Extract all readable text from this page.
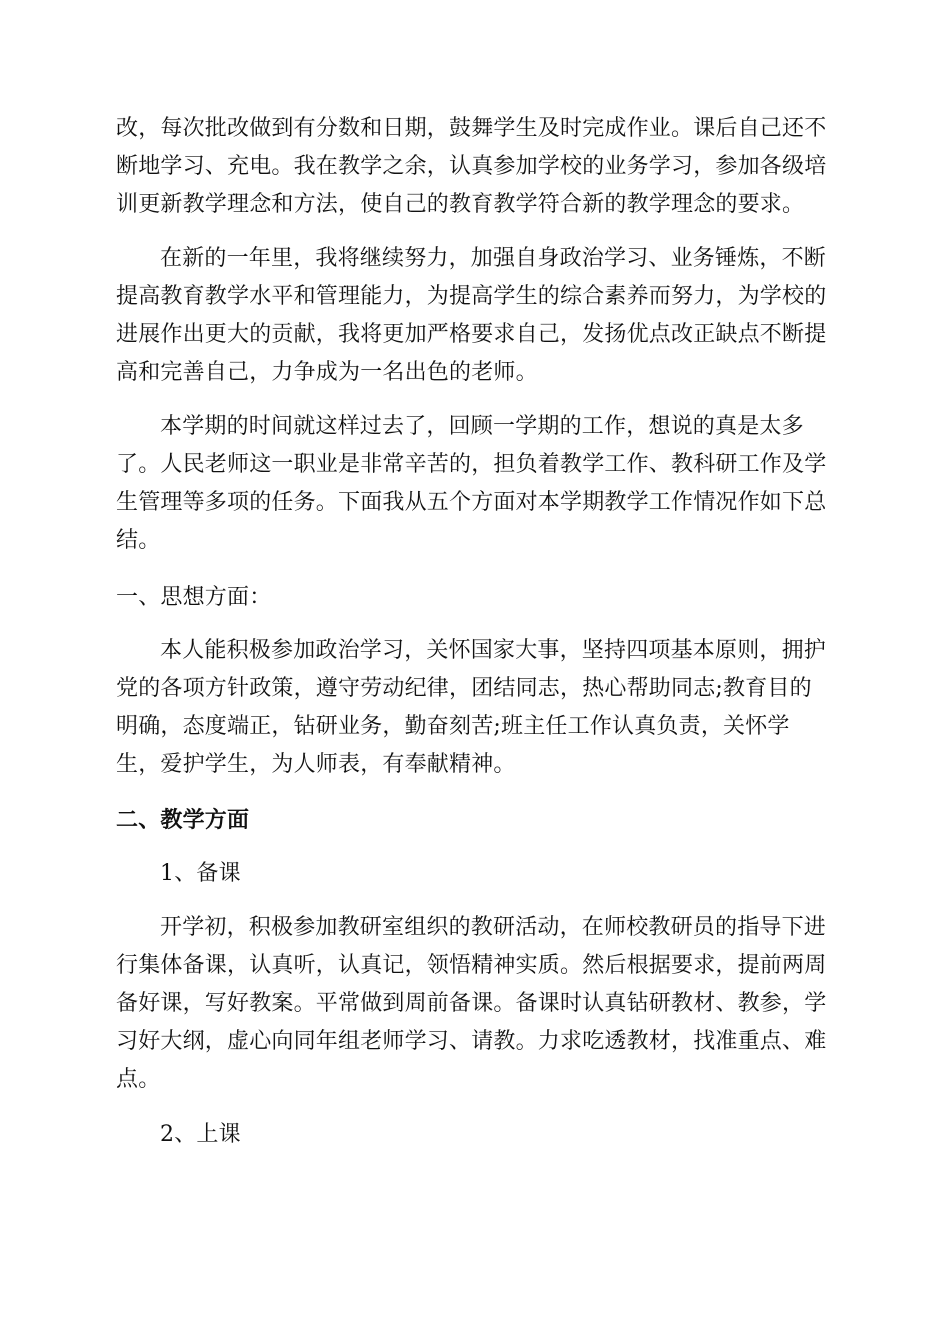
改，每次批改做到有分数和日期，鼓舞学生及时完成作业。课后自己还不
断地学习、充电。我在教学之余，认真参加学校的业务学习，参加各级培
训更新教学理念和方法，使自己的教育教学符合新的教学理念的要求。
在新的一年里，我将继续努力，加强自身政治学习、业务锤炼，不断
提高教育教学水平和管理能力，为提高学生的综合素养而努力，为学校的
进展作出更大的贡献，我将更加严格要求自己，发扬优点改正缺点不断提
高和完善自己，力争成为一名出色的老师。
本学期的时间就这样过去了，回顾一学期的工作，想说的真是太多
了。人民老师这一职业是非常辛苦的，担负着教学工作、教科研工作及学
生管理等多项的任务。下面我从五个方面对本学期教学工作情况作如下总
结。
一、思想方面：
本人能积极参加政治学习，关怀国家大事，坚持四项基本原则，拥护
党的各项方针政策，遵守劳动纪律，团结同志，热心帮助同志;教育目的
明确，态度端正，钻研业务，勤奋刻苦;班主任工作认真负责，关怀学
生，爱护学生，为人师表，有奉献精神。
二、教学方面
1、备课
开学初，积极参加教研室组织的教研活动，在师校教研员的指导下进
行集体备课，认真听，认真记，领悟精神实质。然后根据要求，提前两周
备好课，写好教案。平常做到周前备课。备课时认真钻研教材、教参，学
习好大纲，虚心向同年组老师学习、请教。力求吃透教材，找准重点、难
点。
2、上课
